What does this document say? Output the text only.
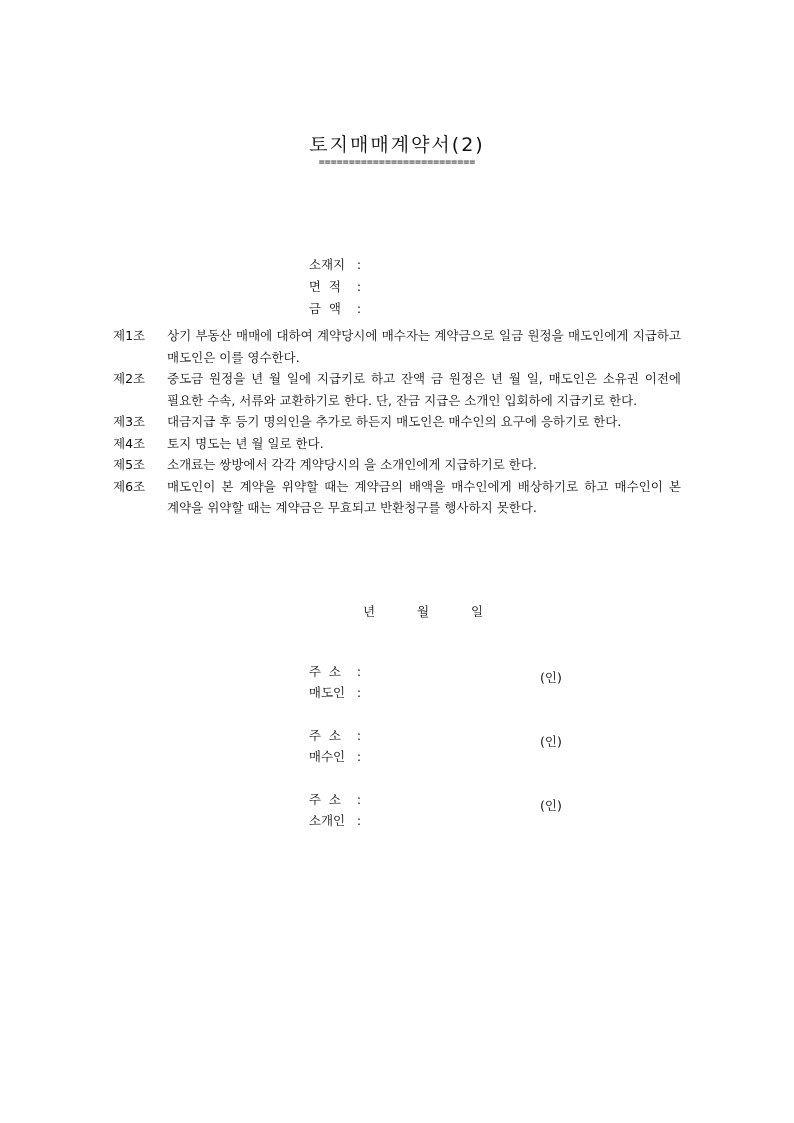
토지매매계약서(2)
==========================

소재지 :

면  적 :

금  액 :

제1조	상기 부동산 매매에 대하여 계약당시에 매수자는 계약금으로 일금 원정을 매도인에게 지급하고 매도인은 이를 영수한다.
제2조	중도금 원정을 년 월 일에 지급키로 하고 잔액 금 원정은 년 월 일, 매도인은 소유권 이전에 필요한 수속, 서류와 교환하기로 한다. 단, 잔금 지급은 소개인 입회하에 지급키로 한다.
제3조	대금지급 후 등기 명의인을 추가로 하든지 매도인은 매수인의 요구에 응하기로 한다.
제4조	토지 명도는 년 월 일로 한다.
제5조	소개료는 쌍방에서 각각 계약당시의 을 소개인에게 지급하기로 한다.
제6조	매도인이 본 계약을 위약할 때는 계약금의 배액을 매수인에게 배상하기로 하고 매수인이 본 계약을 위약할 때는 계약금은 무효되고 반환청구를 행사하지 못한다.
년	월	일

주  소 :

매도인 :

(인)

주  소 :

매수인 :

(인)

주  소 :

소개인 :

(인)
